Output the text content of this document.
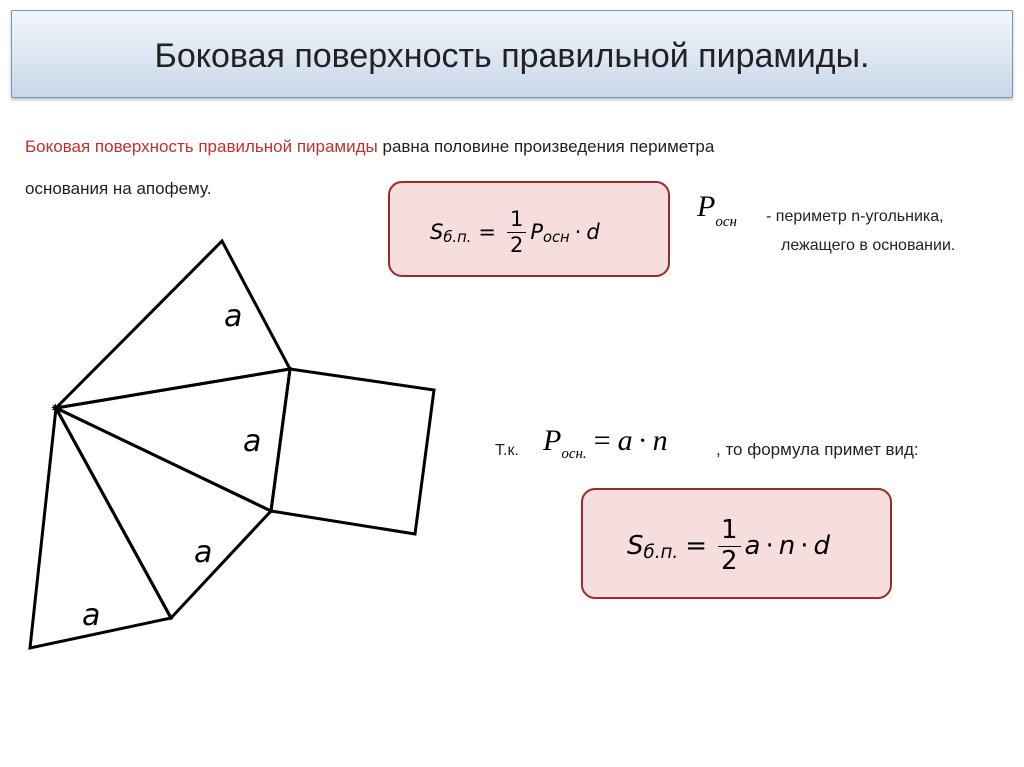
Боковая поверхность правильной пирамиды.
Боковая поверхность правильной пирамиды равна половине произведения периметра
основания на апофему.
S б.п. = $\frac{1}{2}$ P осн · d
$P_{осн}$ - периметр n-угольника,
лежащего в основании.
Т.к. P осн. = a · n	, то формула примет вид:
S б.п. = $\frac{1}{2}$ a · n · d
a
a
a
a
